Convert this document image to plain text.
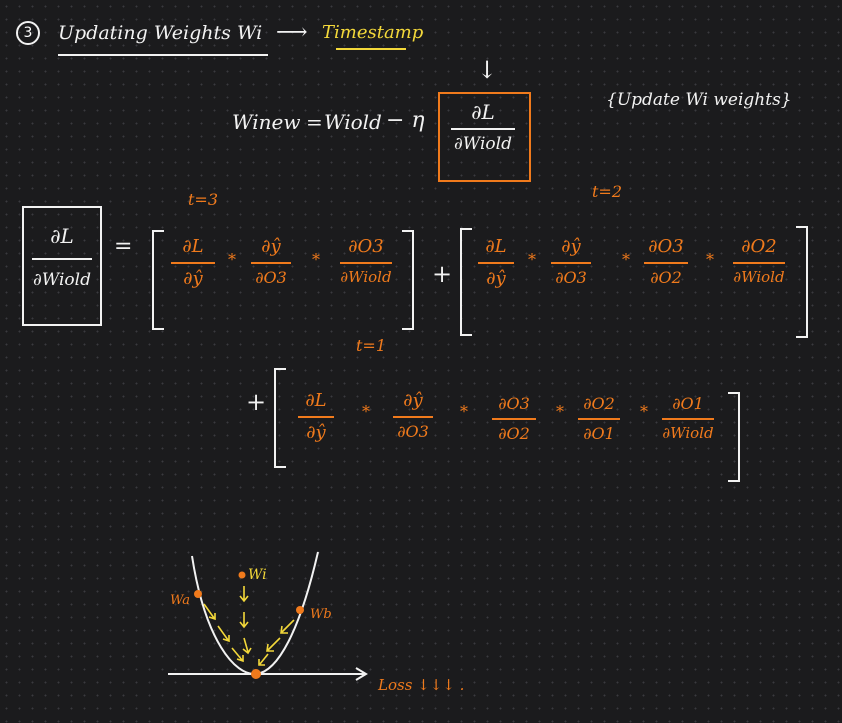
3 Updating Weights Wi ⟶ Timestamp
Winew = Wiold − η
↓
∂L
∂Wiold
{Update Wi weights}
∂L
∂Wiold
=
t=3
∂L
∂ŷ
*
∂ŷ
∂O3
*
∂O3
∂Wiold +
t=2
∂L
∂ŷ
*
∂ŷ
∂O3
*
∂O3
∂O2
*
∂O2
∂Wiold
t=1
+ ∂L
∂ŷ
*
∂ŷ
∂O3
* ∂O3
∂O2
* ∂O2
∂O1
* ∂O1
∂Wiold
Wi
Wa
Wb
Loss ↓↓↓ .
